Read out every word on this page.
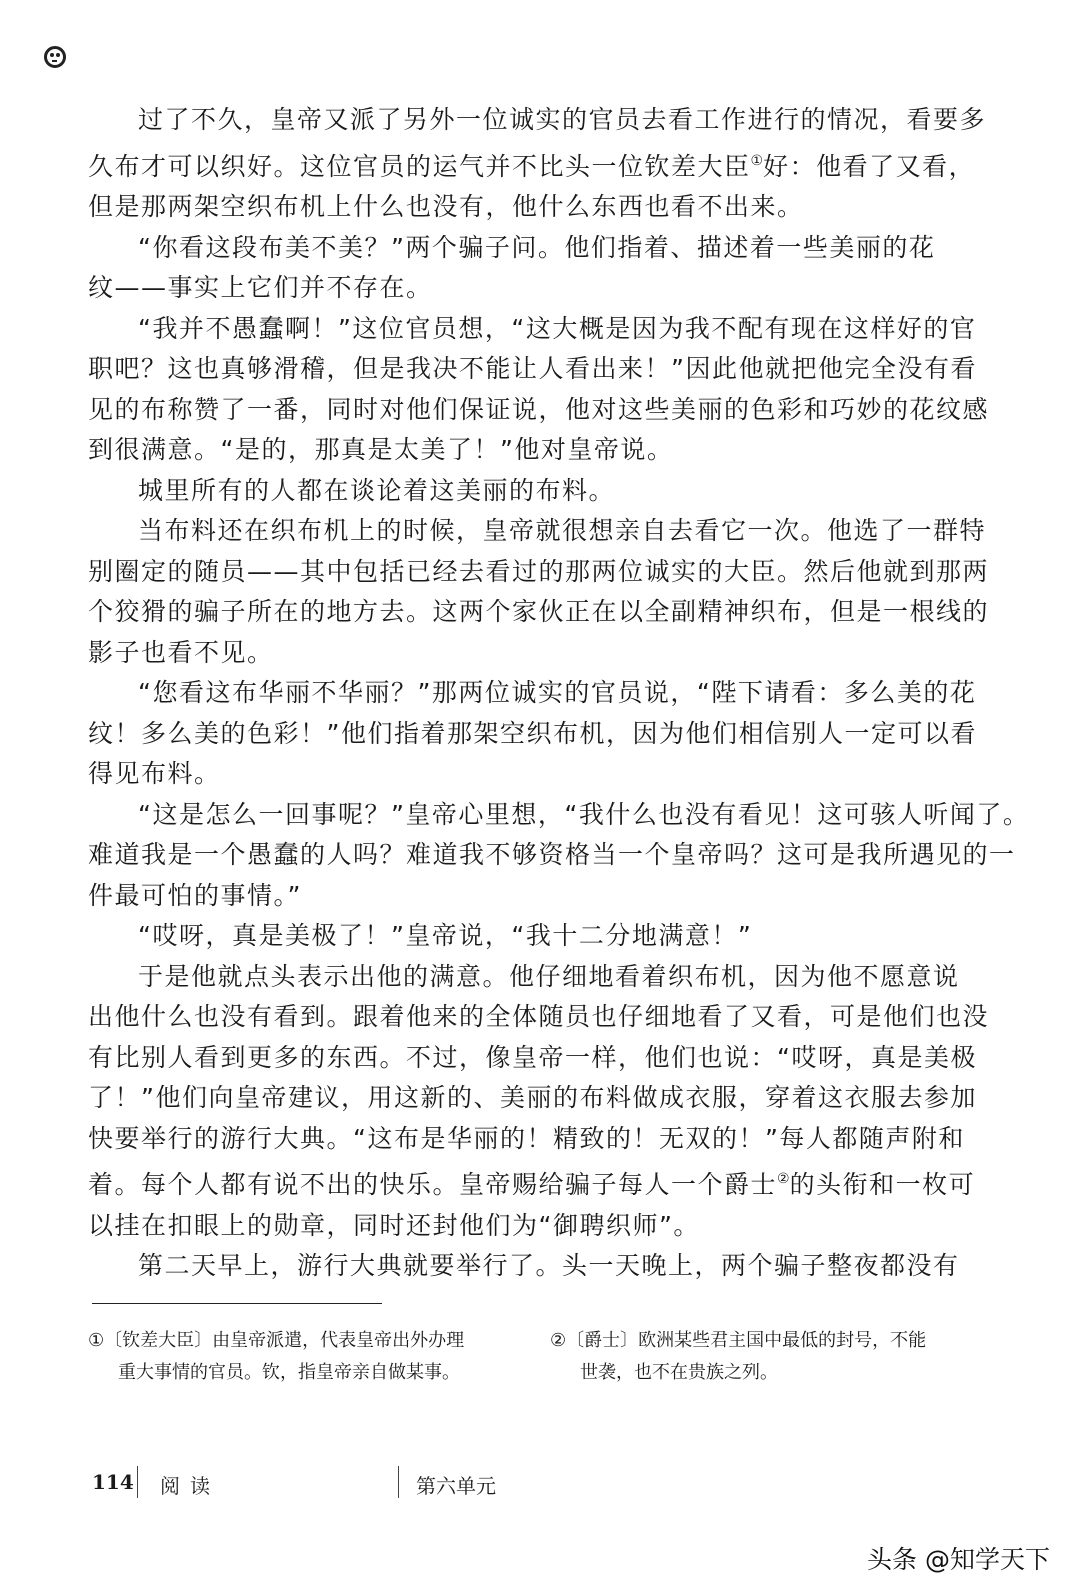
过了不久，皇帝又派了另外一位诚实的官员去看工作进行的情况，看要多
久布才可以织好。这位官员的运气并不比头一位钦差大臣①好：他看了又看，
但是那两架空织布机上什么也没有，他什么东西也看不出来。

“你看这段布美不美？”两个骗子问。他们指着、描述着一些美丽的花
纹——事实上它们并不存在。

“我并不愚蠢啊！”这位官员想，“这大概是因为我不配有现在这样好的官
职吧？这也真够滑稽，但是我决不能让人看出来！”因此他就把他完全没有看
见的布称赞了一番，同时对他们保证说，他对这些美丽的色彩和巧妙的花纹感
到很满意。“是的，那真是太美了！”他对皇帝说。

城里所有的人都在谈论着这美丽的布料。

当布料还在织布机上的时候，皇帝就很想亲自去看它一次。他选了一群特
别圈定的随员——其中包括已经去看过的那两位诚实的大臣。然后他就到那两
个狡猾的骗子所在的地方去。这两个家伙正在以全副精神织布，但是一根线的
影子也看不见。

“您看这布华丽不华丽？”那两位诚实的官员说，“陛下请看：多么美的花
纹！多么美的色彩！”他们指着那架空织布机，因为他们相信别人一定可以看
得见布料。

“这是怎么一回事呢？”皇帝心里想，“我什么也没有看见！这可骇人听闻了。
难道我是一个愚蠢的人吗？难道我不够资格当一个皇帝吗？这可是我所遇见的一
件最可怕的事情。”

“哎呀，真是美极了！”皇帝说，“我十二分地满意！”

于是他就点头表示出他的满意。他仔细地看着织布机，因为他不愿意说
出他什么也没有看到。跟着他来的全体随员也仔细地看了又看，可是他们也没
有比别人看到更多的东西。不过，像皇帝一样，他们也说：“哎呀，真是美极
了！”他们向皇帝建议，用这新的、美丽的布料做成衣服，穿着这衣服去参加
快要举行的游行大典。“这布是华丽的！精致的！无双的！”每人都随声附和
着。每个人都有说不出的快乐。皇帝赐给骗子每人一个爵士②的头衔和一枚可
以挂在扣眼上的勋章，同时还封他们为“御聘织师”。

第二天早上，游行大典就要举行了。头一天晚上，两个骗子整夜都没有

①〔钦差大臣〕由皇帝派遣，代表皇帝出外办理
重大事情的官员。钦，指皇帝亲自做某事。
②〔爵士〕欧洲某些君主国中最低的封号，不能
世袭，也不在贵族之列。
114 阅读	第六单元
头条 @知学天下
